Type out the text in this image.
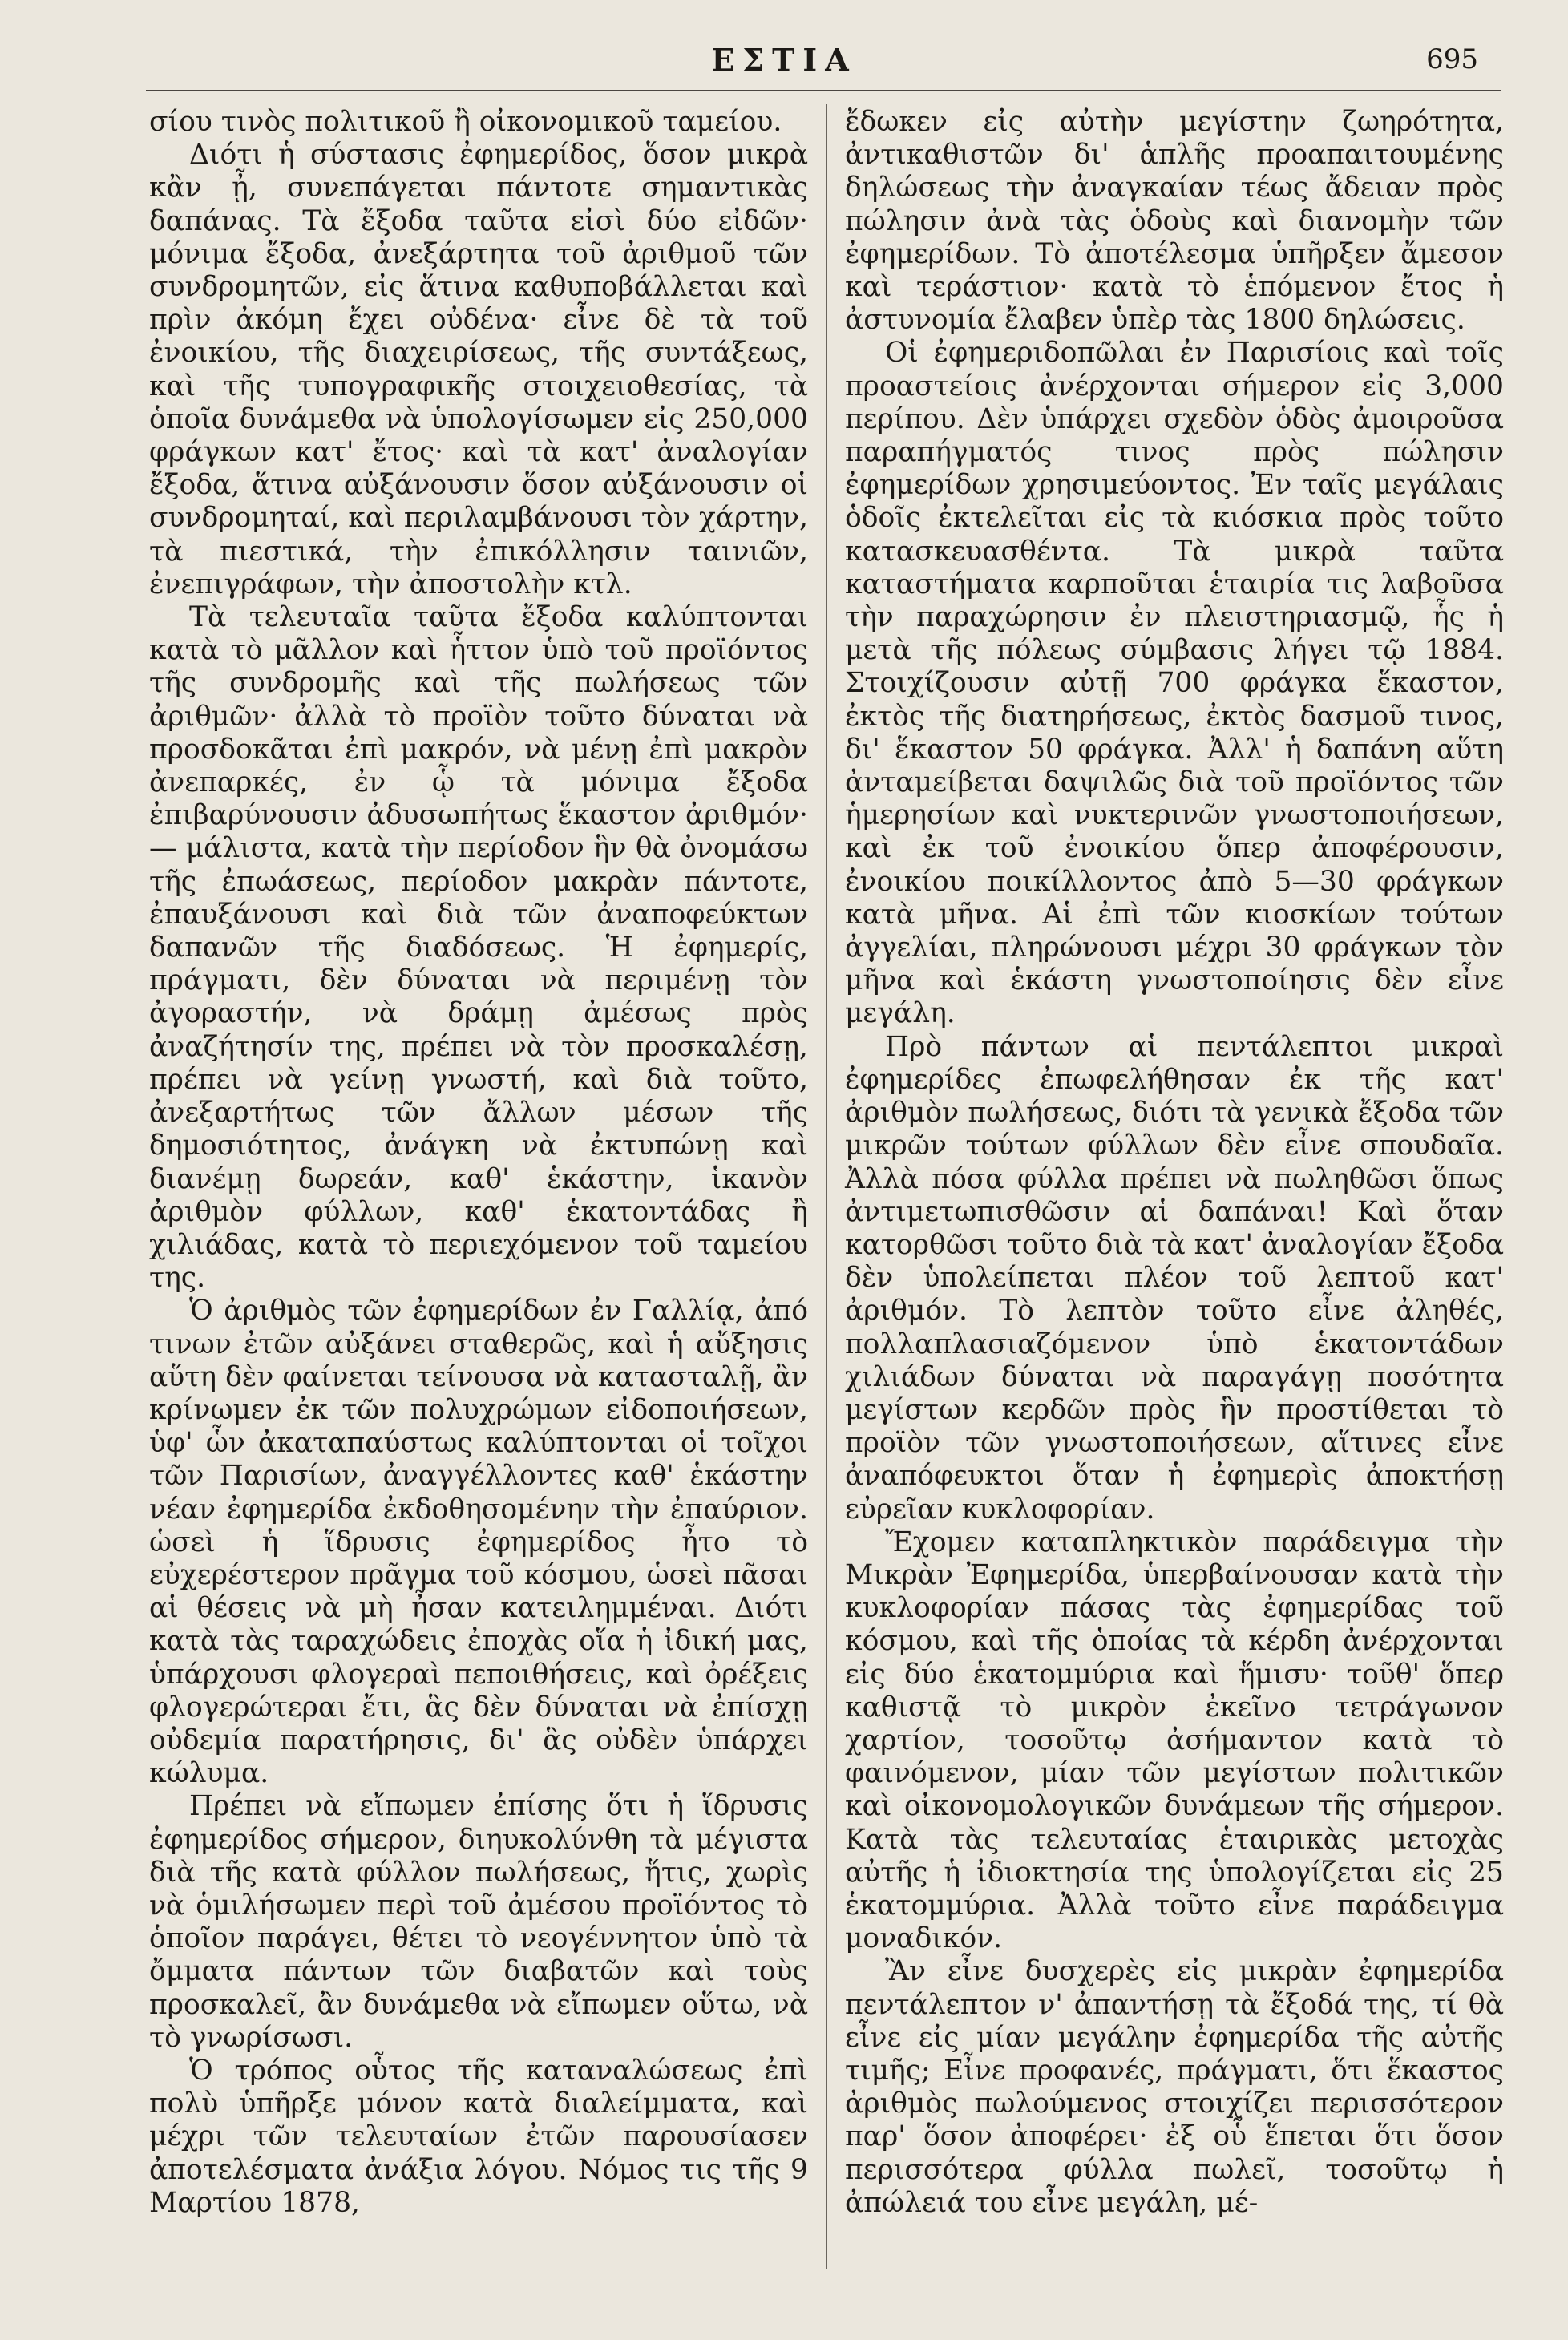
ΕΣΤΙΑ	695

σίου τινὸς πολιτικοῦ ἢ οἰκονομικοῦ ταμείου.

Διότι ἡ σύστασις ἐφημερίδος, ὅσον μικρὰ κἂν ᾖ, συνεπάγεται πάντοτε σημαντικὰς δαπάνας. Τὰ ἔξοδα ταῦτα εἰσὶ δύο εἰδῶν· μόνιμα ἔξοδα, ἀνεξάρτητα τοῦ ἀριθμοῦ τῶν συνδρομητῶν, εἰς ἅτινα καθυποβάλλεται καὶ πρὶν ἀκόμη ἔχει οὐδένα· εἶνε δὲ τὰ τοῦ ἐνοικίου, τῆς διαχειρίσεως, τῆς συντάξεως, καὶ τῆς τυπογραφικῆς στοιχειοθεσίας, τὰ ὁποῖα δυνάμεθα νὰ ὑπολογίσωμεν εἰς 250,000 φράγκων κατ' ἔτος· καὶ τὰ κατ' ἀναλογίαν ἔξοδα, ἅτινα αὐξάνουσιν ὅσον αὐξάνουσιν οἱ συνδρομηταί, καὶ περιλαμβάνουσι τὸν χάρτην, τὰ πιεστικά, τὴν ἐπικόλλησιν ταινιῶν, ἐνεπιγράφων, τὴν ἀποστολὴν κτλ.

Τὰ τελευταῖα ταῦτα ἔξοδα καλύπτονται κατὰ τὸ μᾶλλον καὶ ἧττον ὑπὸ τοῦ προϊόντος τῆς συνδρομῆς καὶ τῆς πωλήσεως τῶν ἀριθμῶν· ἀλλὰ τὸ προϊὸν τοῦτο δύναται νὰ προσδοκᾶται ἐπὶ μακρόν, νὰ μένῃ ἐπὶ μακρὸν ἀνεπαρκές, ἐν ᾧ τὰ μόνιμα ἔξοδα ἐπιβαρύνουσιν ἀδυσωπήτως ἕκαστον ἀριθμόν· — μάλιστα, κατὰ τὴν περίοδον ἣν θὰ ὀνομάσω τῆς ἐπωάσεως, περίοδον μακρὰν πάντοτε, ἐπαυξάνουσι καὶ διὰ τῶν ἀναποφεύκτων δαπανῶν τῆς διαδόσεως. Ἡ ἐφημερίς, πράγματι, δὲν δύναται νὰ περιμένῃ τὸν ἀγοραστήν, νὰ δράμῃ ἀμέσως πρὸς ἀναζήτησίν της, πρέπει νὰ τὸν προσκαλέσῃ, πρέπει νὰ γείνῃ γνωστή, καὶ διὰ τοῦτο, ἀνεξαρτήτως τῶν ἄλλων μέσων τῆς δημοσιότητος, ἀνάγκη νὰ ἐκτυπώνῃ καὶ διανέμῃ δωρεάν, καθ' ἑκάστην, ἱκανὸν ἀριθμὸν φύλλων, καθ' ἑκατοντάδας ἢ χιλιάδας, κατὰ τὸ περιεχόμενον τοῦ ταμείου της.

Ὁ ἀριθμὸς τῶν ἐφημερίδων ἐν Γαλλίᾳ, ἀπό τινων ἐτῶν αὐξάνει σταθερῶς, καὶ ἡ αὔξησις αὕτη δὲν φαίνεται τείνουσα νὰ κατασταλῇ, ἂν κρίνωμεν ἐκ τῶν πολυχρώμων εἰδοποιήσεων, ὑφ' ὧν ἀκαταπαύστως καλύπτονται οἱ τοῖχοι τῶν Παρισίων, ἀναγγέλλοντες καθ' ἑκάστην νέαν ἐφημερίδα ἐκδοθησομένην τὴν ἐπαύριον. ὡσεὶ ἡ ἵδρυσις ἐφημερίδος ἦτο τὸ εὐχερέστερον πρᾶγμα τοῦ κόσμου, ὡσεὶ πᾶσαι αἱ θέσεις νὰ μὴ ἦσαν κατειλημμέναι. Διότι κατὰ τὰς ταραχώδεις ἐποχὰς οἵα ἡ ἰδική μας, ὑπάρχουσι φλογεραὶ πεποιθήσεις, καὶ ὀρέξεις φλογερώτεραι ἔτι, ἃς δὲν δύναται νὰ ἐπίσχῃ οὐδεμία παρατήρησις, δι' ἃς οὐδὲν ὑπάρχει κώλυμα.

Πρέπει νὰ εἴπωμεν ἐπίσης ὅτι ἡ ἵδρυσις ἐφημερίδος σήμερον, διηυκολύνθη τὰ μέγιστα διὰ τῆς κατὰ φύλλον πωλήσεως, ἥτις, χωρὶς νὰ ὁμιλήσωμεν περὶ τοῦ ἀμέσου προϊόντος τὸ ὁποῖον παράγει, θέτει τὸ νεογέννητον ὑπὸ τὰ ὄμματα πάντων τῶν διαβατῶν καὶ τοὺς προσκαλεῖ, ἂν δυνάμεθα νὰ εἴπωμεν οὕτω, νὰ τὸ γνωρίσωσι.

Ὁ τρόπος οὗτος τῆς καταναλώσεως ἐπὶ πολὺ ὑπῆρξε μόνον κατὰ διαλείμματα, καὶ μέχρι τῶν τελευταίων ἐτῶν παρουσίασεν ἀποτελέσματα ἀνάξια λόγου. Νόμος τις τῆς 9 Μαρτίου 1878,

ἔδωκεν εἰς αὐτὴν μεγίστην ζωηρότητα, ἀντικαθιστῶν δι' ἁπλῆς προαπαιτουμένης δηλώσεως τὴν ἀναγκαίαν τέως ἄδειαν πρὸς πώλησιν ἀνὰ τὰς ὁδοὺς καὶ διανομὴν τῶν ἐφημερίδων. Τὸ ἀποτέλεσμα ὑπῆρξεν ἄμεσον καὶ τεράστιον· κατὰ τὸ ἑπόμενον ἔτος ἡ ἀστυνομία ἔλαβεν ὑπὲρ τὰς 1800 δηλώσεις.

Οἱ ἐφημεριδοπῶλαι ἐν Παρισίοις καὶ τοῖς προαστείοις ἀνέρχονται σήμερον εἰς 3,000 περίπου. Δὲν ὑπάρχει σχεδὸν ὁδὸς ἀμοιροῦσα παραπήγματός τινος πρὸς πώλησιν ἐφημερίδων χρησιμεύοντος. Ἐν ταῖς μεγάλαις ὁδοῖς ἐκτελεῖται εἰς τὰ κιόσκια πρὸς τοῦτο κατασκευασθέντα. Τὰ μικρὰ ταῦτα καταστήματα καρποῦται ἑταιρία τις λαβοῦσα τὴν παραχώρησιν ἐν πλειστηριασμῷ, ἧς ἡ μετὰ τῆς πόλεως σύμβασις λήγει τῷ 1884. Στοιχίζουσιν αὐτῇ 700 φράγκα ἕκαστον, ἐκτὸς τῆς διατηρήσεως, ἐκτὸς δασμοῦ τινος, δι' ἕκαστον 50 φράγκα. Ἀλλ' ἡ δαπάνη αὕτη ἀνταμείβεται δαψιλῶς διὰ τοῦ προϊόντος τῶν ἡμερησίων καὶ νυκτερινῶν γνωστοποιήσεων, καὶ ἐκ τοῦ ἐνοικίου ὅπερ ἀποφέρουσιν, ἐνοικίου ποικίλλοντος ἀπὸ 5—30 φράγκων κατὰ μῆνα. Αἱ ἐπὶ τῶν κιοσκίων τούτων ἀγγελίαι, πληρώνουσι μέχρι 30 φράγκων τὸν μῆνα καὶ ἑκάστη γνωστοποίησις δὲν εἶνε μεγάλη.

Πρὸ πάντων αἱ πεντάλεπτοι μικραὶ ἐφημερίδες ἐπωφελήθησαν ἐκ τῆς κατ' ἀριθμὸν πωλήσεως, διότι τὰ γενικὰ ἔξοδα τῶν μικρῶν τούτων φύλλων δὲν εἶνε σπουδαῖα. Ἀλλὰ πόσα φύλλα πρέπει νὰ πωληθῶσι ὅπως ἀντιμετωπισθῶσιν αἱ δαπάναι! Καὶ ὅταν κατορθῶσι τοῦτο διὰ τὰ κατ' ἀναλογίαν ἔξοδα δὲν ὑπολείπεται πλέον τοῦ λεπτοῦ κατ' ἀριθμόν. Τὸ λεπτὸν τοῦτο εἶνε ἀληθές, πολλαπλασιαζόμενον ὑπὸ ἑκατοντάδων χιλιάδων δύναται νὰ παραγάγῃ ποσότητα μεγίστων κερδῶν πρὸς ἣν προστίθεται τὸ προϊὸν τῶν γνωστοποιήσεων, αἵτινες εἶνε ἀναπόφευκτοι ὅταν ἡ ἐφημερὶς ἀποκτήσῃ εὐρεῖαν κυκλοφορίαν.

Ἔχομεν καταπληκτικὸν παράδειγμα τὴν Μικρὰν Ἐφημερίδα, ὑπερβαίνουσαν κατὰ τὴν κυκλοφορίαν πάσας τὰς ἐφημερίδας τοῦ κόσμου, καὶ τῆς ὁποίας τὰ κέρδη ἀνέρχονται εἰς δύο ἑκατομμύρια καὶ ἥμισυ· τοῦθ' ὅπερ καθιστᾷ τὸ μικρὸν ἐκεῖνο τετράγωνον χαρτίον, τοσοῦτῳ ἀσήμαντον κατὰ τὸ φαινόμενον, μίαν τῶν μεγίστων πολιτικῶν καὶ οἰκονομολογικῶν δυνάμεων τῆς σήμερον. Κατὰ τὰς τελευταίας ἑταιρικὰς μετοχὰς αὐτῆς ἡ ἰδιοκτησία της ὑπολογίζεται εἰς 25 ἑκατομμύρια. Ἀλλὰ τοῦτο εἶνε παράδειγμα μοναδικόν.

Ἂν εἶνε δυσχερὲς εἰς μικρὰν ἐφημερίδα πεντάλεπτον ν' ἀπαντήσῃ τὰ ἔξοδά της, τί θὰ εἶνε εἰς μίαν μεγάλην ἐφημερίδα τῆς αὐτῆς τιμῆς; Εἶνε προφανές, πράγματι, ὅτι ἕκαστος ἀριθμὸς πωλούμενος στοιχίζει περισσότερον παρ' ὅσον ἀποφέρει· ἐξ οὗ ἕπεται ὅτι ὅσον περισσότερα φύλλα πωλεῖ, τοσοῦτῳ ἡ ἀπώλειά του εἶνε μεγάλη, μέ-
